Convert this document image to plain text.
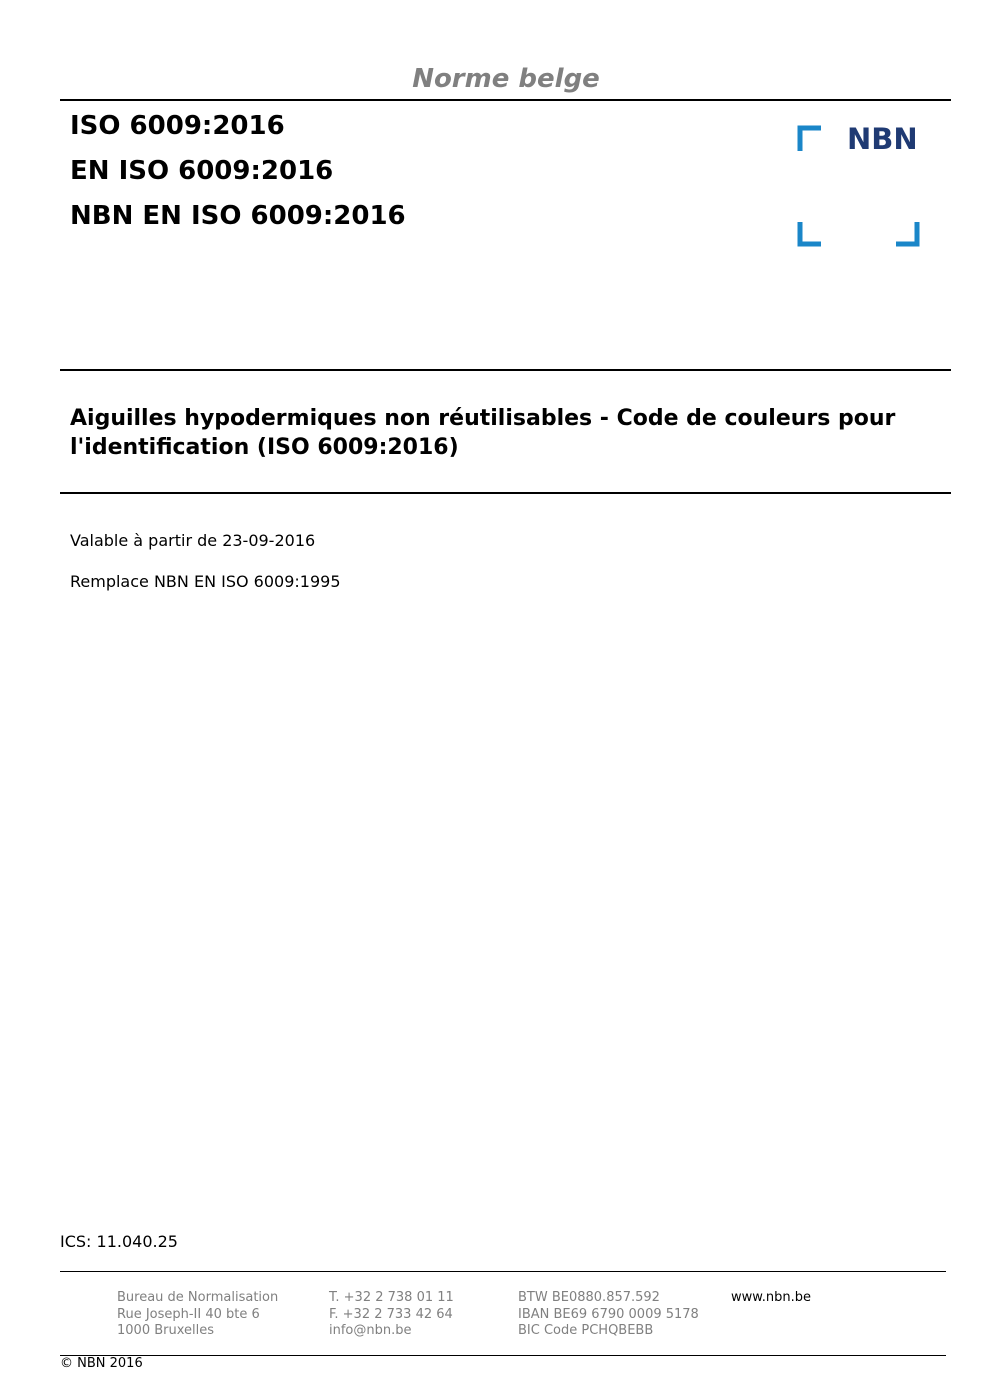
Norme belge
ISO 6009:2016
EN ISO 6009:2016
NBN EN ISO 6009:2016
NBN
Aiguilles hypodermiques non réutilisables - Code de couleurs pour l'identification (ISO 6009:2016)
Valable à partir de 23-09-2016
Remplace NBN EN ISO 6009:1995
ICS: 11.040.25
Bureau de Normalisation
Rue Joseph-II 40 bte 6
1000 Bruxelles
T. +32 2 738 01 11
F. +32 2 733 42 64
info@nbn.be
BTW BE0880.857.592
IBAN BE69 6790 0009 5178
BIC Code PCHQBEBB
www.nbn.be
© NBN 2016
